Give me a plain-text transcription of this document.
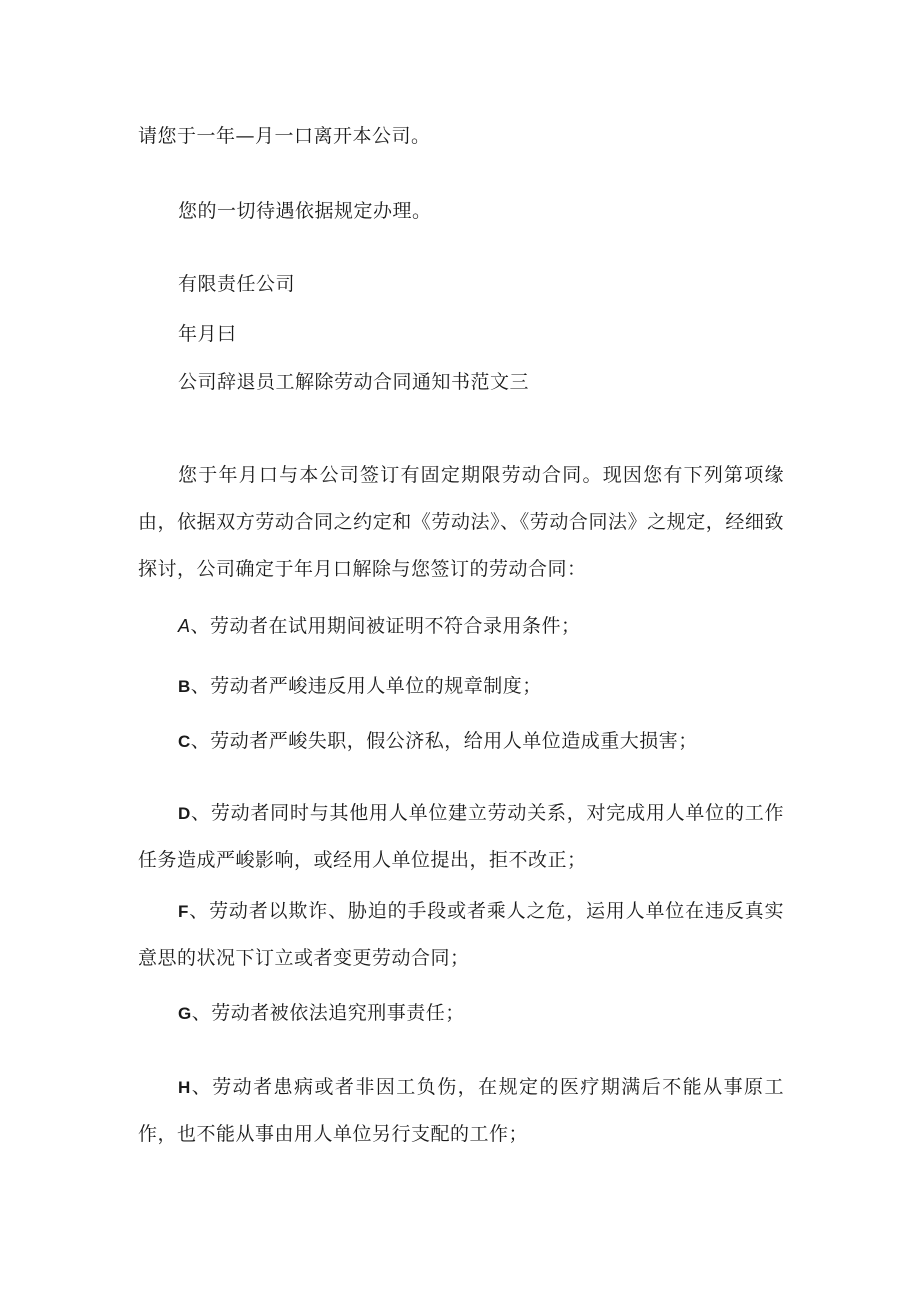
请您于一年—月一口离开本公司。
您的一切待遇依据规定办理。
有限责任公司
年月曰
公司辞退员工解除劳动合同通知书范文三

您于年月口与本公司签订有固定期限劳动合同。现因您有下列第项缘由，依据双方劳动合同之约定和《劳动法》、《劳动合同法》之规定，经细致探讨，公司确定于年月口解除与您签订的劳动合同：

A、劳动者在试用期间被证明不符合录用条件；

B、劳动者严峻违反用人单位的规章制度；

C、劳动者严峻失职，假公济私，给用人单位造成重大损害；

D、劳动者同时与其他用人单位建立劳动关系，对完成用人单位的工作任务造成严峻影响，或经用人单位提出，拒不改正；

F、劳动者以欺诈、胁迫的手段或者乘人之危，运用人单位在违反真实意思的状况下订立或者变更劳动合同；

G、劳动者被依法追究刑事责任；

H、劳动者患病或者非因工负伤，在规定的医疗期满后不能从事原工作，也不能从事由用人单位另行支配的工作；
